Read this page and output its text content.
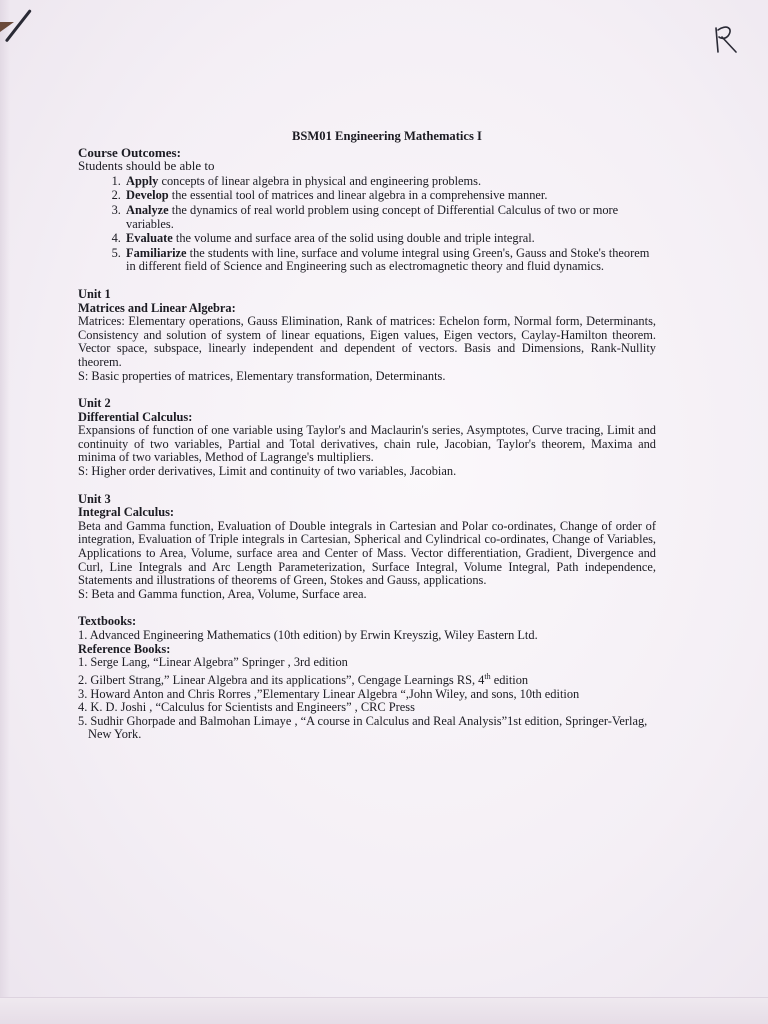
BSM01 Engineering Mathematics I

Course Outcomes:

Students should be able to

1. Apply concepts of linear algebra in physical and engineering problems.
2. Develop the essential tool of matrices and linear algebra in a comprehensive manner.
3. Analyze the dynamics of real world problem using concept of Differential Calculus of two or more variables.
4. Evaluate the volume and surface area of the solid using double and triple integral.
5. Familiarize the students with line, surface and volume integral using Green's, Gauss and Stoke's theorem in different field of Science and Engineering such as electromagnetic theory and fluid dynamics.

Unit 1

Matrices and Linear Algebra:

Matrices: Elementary operations, Gauss Elimination, Rank of matrices: Echelon form, Normal form, Determinants, Consistency and solution of system of linear equations, Eigen values, Eigen vectors, Caylay-Hamilton theorem. Vector space, subspace, linearly independent and dependent of vectors. Basis and Dimensions, Rank-Nullity theorem.

S: Basic properties of matrices, Elementary transformation, Determinants.

Unit 2

Differential Calculus:

Expansions of function of one variable using Taylor's and Maclaurin's series, Asymptotes, Curve tracing, Limit and continuity of two variables, Partial and Total derivatives, chain rule, Jacobian, Taylor's theorem, Maxima and minima of two variables, Method of Lagrange's multipliers.

S: Higher order derivatives, Limit and continuity of two variables, Jacobian.

Unit 3

Integral Calculus:

Beta and Gamma function, Evaluation of Double integrals in Cartesian and Polar co-ordinates, Change of order of integration, Evaluation of Triple integrals in Cartesian, Spherical and Cylindrical co-ordinates, Change of Variables, Applications to Area, Volume, surface area and Center of Mass. Vector differentiation, Gradient, Divergence and Curl, Line Integrals and Arc Length Parameterization, Surface Integral, Volume Integral, Path independence, Statements and illustrations of theorems of Green, Stokes and Gauss, applications.

S: Beta and Gamma function, Area, Volume, Surface area.

Textbooks:

1. Advanced Engineering Mathematics (10th edition) by Erwin Kreyszig, Wiley Eastern Ltd.

Reference Books:

1. Serge Lang, “Linear Algebra” Springer , 3rd edition

2. Gilbert Strang,” Linear Algebra and its applications”, Cengage Learnings RS, 4th edition

3. Howard Anton and Chris Rorres ,”Elementary Linear Algebra “,John Wiley, and sons, 10th edition

4. K. D. Joshi , “Calculus for Scientists and Engineers” , CRC Press

5. Sudhir Ghorpade and Balmohan Limaye , “A course in Calculus and Real Analysis”1st edition, Springer-Verlag, New York.
